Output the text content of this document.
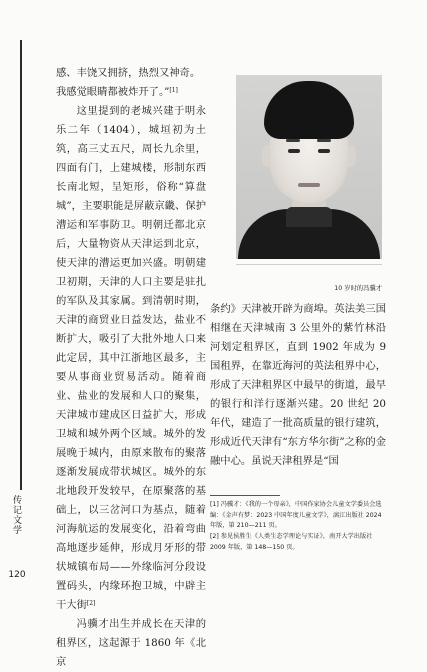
传记文学
120

感、丰饶又拥挤，热烈又神奇。

我感觉眼睛都被炸开了。”[1]

这里提到的老城兴建于明永乐二年（1404），城垣初为土筑，高三丈五尺，周长九余里，四面有门，上建城楼，形制东西长南北短，呈矩形，俗称“算盘城”，主要职能是屏蔽京畿、保护漕运和军事防卫。明朝迁都北京后，大量物资从天津运到北京，使天津的漕运更加兴盛。明朝建卫初期，天津的人口主要是驻扎的军队及其家属。到清朝时期，天津的商贸业日益发达，盐业不断扩大，吸引了大批外地人口来此定居，其中江浙地区最多，主要从事商业贸易活动。随着商业、盐业的发展和人口的聚集，天津城市建成区日益扩大，形成卫城和城外两个区域。城外的发展晚于城内，由原来散布的聚落逐渐发展成带状城区。城外的东北地段开发较早，在原聚落的基础上，以三岔河口为基点，随着河海航运的发展变化，沿着弯曲高地逐步延伸，形成月牙形的带状城镇布局——外缘临河分段设置码头，内缘环抱卫城，中辟主干大街[2]

冯骥才出生并成长在天津的租界区，这起源于 1860 年《北京

10 岁时的冯骥才

条约》天津被开辟为商埠。英法美三国相继在天津城南 3 公里外的紫竹林沿河划定租界区，直到 1902 年成为 9 国租界，在靠近海河的英法租界中心，形成了天津租界区中最早的街道，最早的银行和洋行逐渐兴建。20 世纪 20 年代，建造了一批高质量的银行建筑，形成近代天津有“东方华尔街”之称的金融中心。虽说天津租界是“国

[1] 冯骥才：《我的一个母亲》，中国作家协会儿童文学委员会选编：《金声有梦：2023 中国年度儿童文学》，漓江出版社 2024 年版，第 210—211 页。

[2] 参见侯胜生《人类生态学理论与实证》，南开大学出版社 2009 年版，第 148—150 页。
